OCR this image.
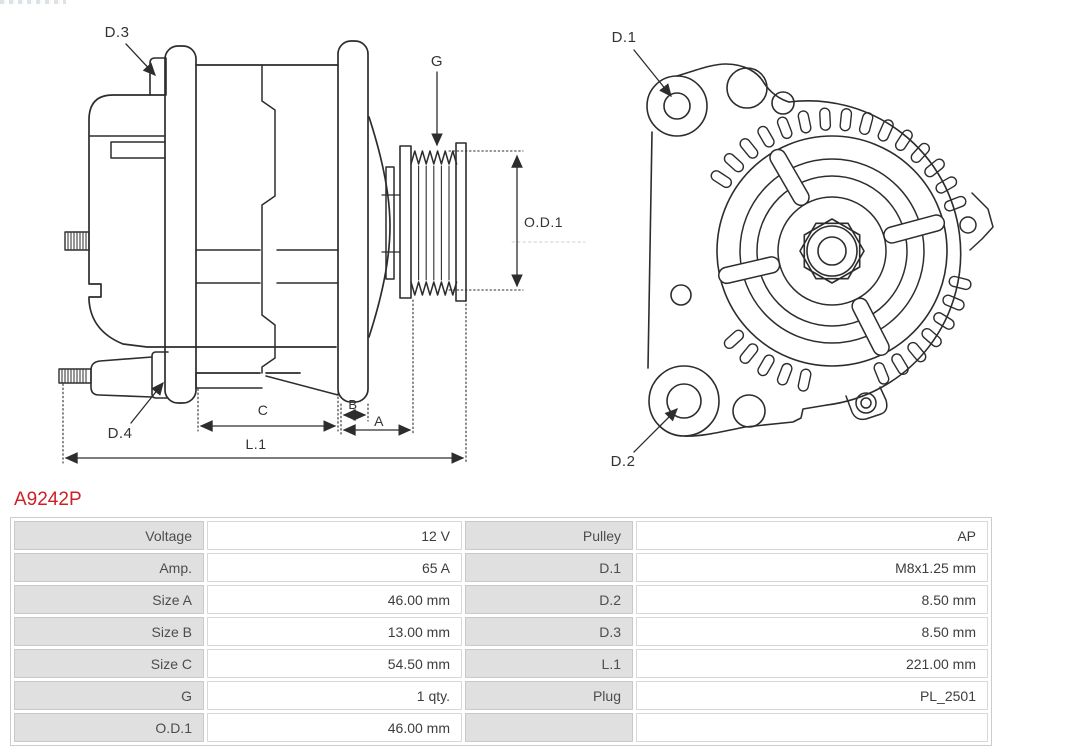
D.3
D.4
G
O.D.1
C	B
A
L.1
D.1
D.2
A9242P
Voltage	12 V	Pulley	AP
Amp.	65 A	D.1	M8x1.25 mm
Size A	46.00 mm	D.2	8.50 mm
Size B	13.00 mm	D.3	8.50 mm
Size C	54.50 mm	L.1	221.00 mm
G	1 qty.	Plug	PL_2501
O.D.1	46.00 mm		
